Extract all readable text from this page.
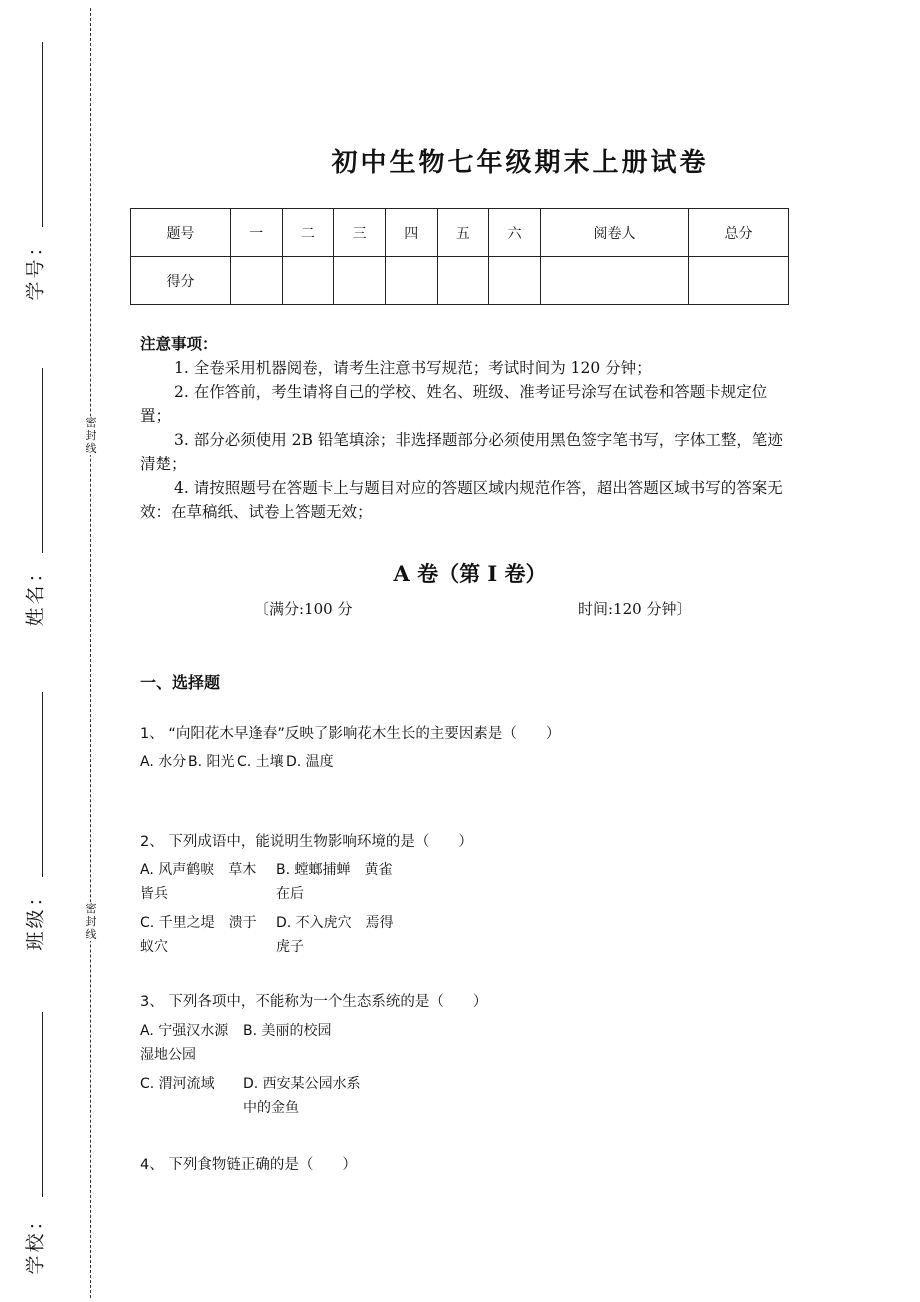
密封线
密封线
学号：
姓名：
班级：
学校：
初中生物七年级期末上册试卷
题号	一	二	三	四	五	六	阅卷人	总分
得分								
注意事项：

1. 全卷采用机器阅卷，请考生注意书写规范；考试时间为 120 分钟；

2. 在作答前，考生请将自己的学校、姓名、班级、准考证号涂写在试卷和答题卡规定位置；

3. 部分必须使用 2B 铅笔填涂；非选择题部分必须使用黑色签字笔书写，字体工整，笔迹清楚；

4. 请按照题号在答题卡上与题目对应的答题区域内规范作答，超出答题区域书写的答案无效：在草稿纸、试卷上答题无效；

A 卷（第 I 卷）
〔满分:100 分	时间:120 分钟〕
一、选择题
1、 “向阳花木早逢春”反映了影响花木生长的主要因素是（　　）
A. 水分 B. 阳光 C. 土壤 D. 温度
2、 下列成语中，能说明生物影响环境的是（　　）
A. 风声鹤唳　草木皆兵
B. 螳螂捕蝉　黄雀在后
C. 千里之堤　溃于蚁穴
D. 不入虎穴　焉得虎子
3、 下列各项中，不能称为一个生态系统的是（　　）
A. 宁强汉水源湿地公园
B. 美丽的校园
C. 渭河流域	D. 西安某公园水系中的金鱼
4、 下列食物链正确的是（　　）
